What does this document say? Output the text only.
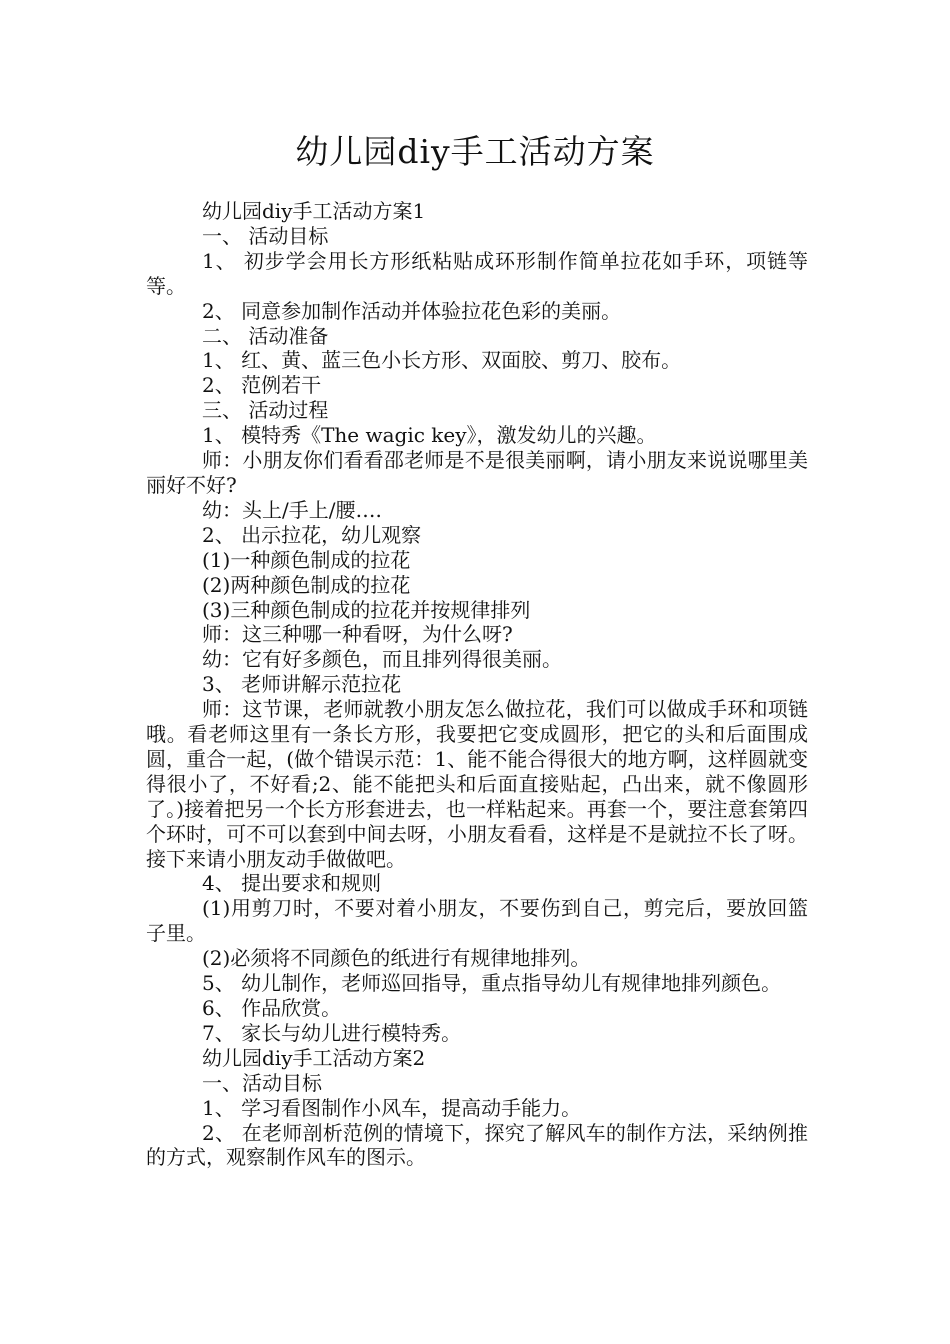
幼儿园diy手工活动方案

幼儿园diy手工活动方案1

一、 活动目标

1、 初步学会用长方形纸粘贴成环形制作简单拉花如手环，项链等等。

2、 同意参加制作活动并体验拉花色彩的美丽。

二、 活动准备

1、 红、黄、蓝三色小长方形、双面胶、剪刀、胶布。

2、 范例若干

三、 活动过程

1、 模特秀《The wagic key》，激发幼儿的兴趣。

师：小朋友你们看看邵老师是不是很美丽啊，请小朋友来说说哪里美丽好不好?

幼：头上/手上/腰….

2、 出示拉花，幼儿观察

(1)一种颜色制成的拉花

(2)两种颜色制成的拉花

(3)三种颜色制成的拉花并按规律排列

师：这三种哪一种看呀，为什么呀?

幼：它有好多颜色，而且排列得很美丽。

3、 老师讲解示范拉花

师：这节课，老师就教小朋友怎么做拉花，我们可以做成手环和项链哦。看老师这里有一条长方形，我要把它变成圆形，把它的头和后面围成圆，重合一起，(做个错误示范：1、能不能合得很大的地方啊，这样圆就变得很小了，不好看;2、能不能把头和后面直接贴起，凸出来，就不像圆形了。)接着把另一个长方形套进去，也一样粘起来。再套一个，要注意套第四个环时，可不可以套到中间去呀，小朋友看看，这样是不是就拉不长了呀。接下来请小朋友动手做做吧。

4、 提出要求和规则

(1)用剪刀时，不要对着小朋友，不要伤到自己，剪完后，要放回篮子里。

(2)必须将不同颜色的纸进行有规律地排列。

5、 幼儿制作，老师巡回指导，重点指导幼儿有规律地排列颜色。

6、 作品欣赏。

7、 家长与幼儿进行模特秀。

幼儿园diy手工活动方案2

一、活动目标

1、 学习看图制作小风车，提高动手能力。

2、 在老师剖析范例的情境下，探究了解风车的制作方法，采纳例推的方式，观察制作风车的图示。
